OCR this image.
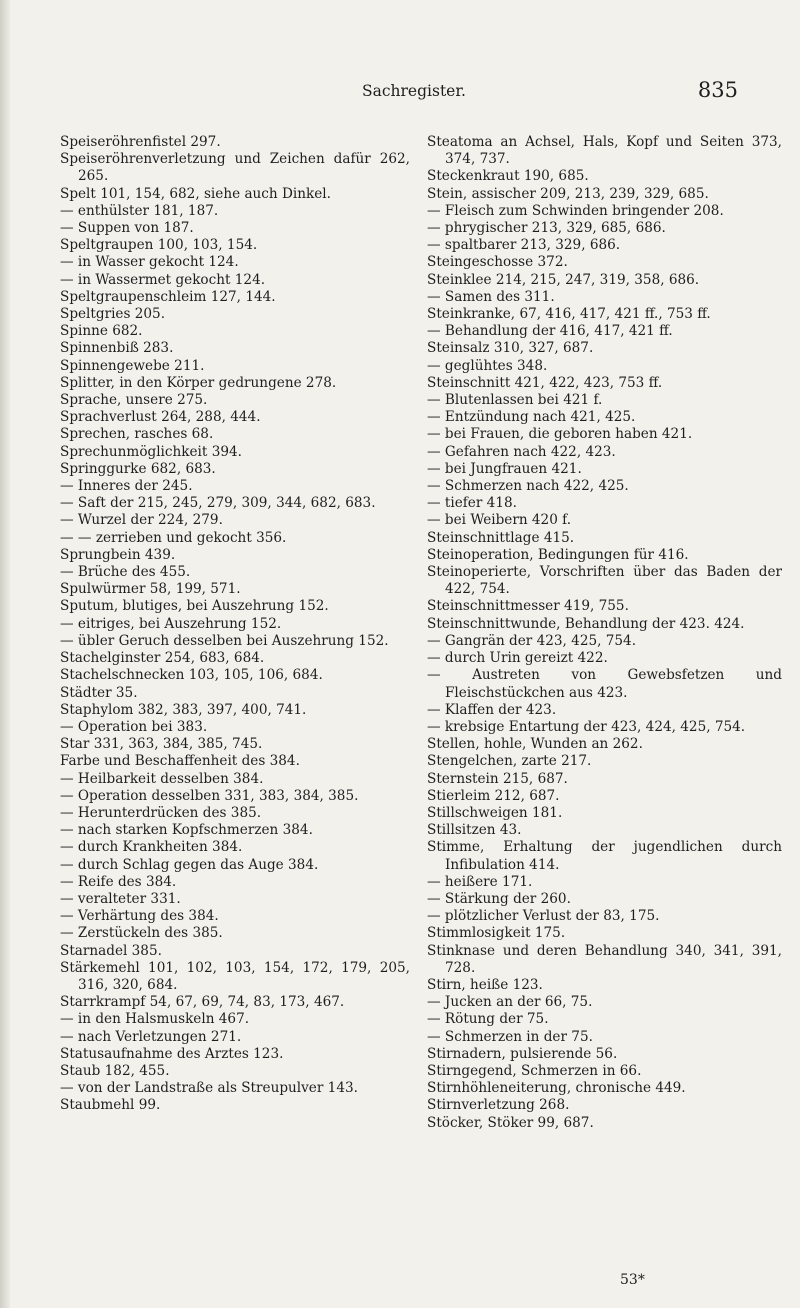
Sachregister.	835
Speiseröhrenfistel 297.
Speiseröhrenverletzung und Zeichen dafür 262, 265.
Spelt 101, 154, 682, siehe auch Dinkel.
— enthülster 181, 187.
— Suppen von 187.
Speltgraupen 100, 103, 154.
— in Wasser gekocht 124.
— in Wassermet gekocht 124.
Speltgraupenschleim 127, 144.
Speltgries 205.
Spinne 682.
Spinnenbiß 283.
Spinnengewebe 211.
Splitter, in den Körper gedrungene 278.
Sprache, unsere 275.
Sprachverlust 264, 288, 444.
Sprechen, rasches 68.
Sprechunmöglichkeit 394.
Springgurke 682, 683.
— Inneres der 245.
— Saft der 215, 245, 279, 309, 344, 682, 683.
— Wurzel der 224, 279.
— — zerrieben und gekocht 356.
Sprungbein 439.
— Brüche des 455.
Spulwürmer 58, 199, 571.
Sputum, blutiges, bei Auszehrung 152.
— eitriges, bei Auszehrung 152.
— übler Geruch desselben bei Auszehrung 152.
Stachelginster 254, 683, 684.
Stachelschnecken 103, 105, 106, 684.
Städter 35.
Staphylom 382, 383, 397, 400, 741.
— Operation bei 383.
Star 331, 363, 384, 385, 745.
Farbe und Beschaffenheit des 384.
— Heilbarkeit desselben 384.
— Operation desselben 331, 383, 384, 385.
— Herunterdrücken des 385.
— nach starken Kopfschmerzen 384.
— durch Krankheiten 384.
— durch Schlag gegen das Auge 384.
— Reife des 384.
— veralteter 331.
— Verhärtung des 384.
— Zerstückeln des 385.
Starnadel 385.
Stärkemehl 101, 102, 103, 154, 172, 179, 205, 316, 320, 684.
Starrkrampf 54, 67, 69, 74, 83, 173, 467.
— in den Halsmuskeln 467.
— nach Verletzungen 271.
Statusaufnahme des Arztes 123.
Staub 182, 455.
— von der Landstraße als Streupulver 143.
Staubmehl 99.
Steatoma an Achsel, Hals, Kopf und Seiten 373, 374, 737.
Steckenkraut 190, 685.
Stein, assischer 209, 213, 239, 329, 685.
— Fleisch zum Schwinden bringender 208.
— phrygischer 213, 329, 685, 686.
— spaltbarer 213, 329, 686.
Steingeschosse 372.
Steinklee 214, 215, 247, 319, 358, 686.
— Samen des 311.
Steinkranke, 67, 416, 417, 421 ff., 753 ff.
— Behandlung der 416, 417, 421 ff.
Steinsalz 310, 327, 687.
— geglühtes 348.
Steinschnitt 421, 422, 423, 753 ff.
— Blutenlassen bei 421 f.
— Entzündung nach 421, 425.
— bei Frauen, die geboren haben 421.
— Gefahren nach 422, 423.
— bei Jungfrauen 421.
— Schmerzen nach 422, 425.
— tiefer 418.
— bei Weibern 420 f.
Steinschnittlage 415.
Steinoperation, Bedingungen für 416.
Steinoperierte, Vorschriften über das Baden der 422, 754.
Steinschnittmesser 419, 755.
Steinschnittwunde, Behandlung der 423. 424.
— Gangrän der 423, 425, 754.
— durch Urin gereizt 422.
— Austreten von Gewebsfetzen und Fleischstückchen aus 423.
— Klaffen der 423.
— krebsige Entartung der 423, 424, 425, 754.
Stellen, hohle, Wunden an 262.
Stengelchen, zarte 217.
Sternstein 215, 687.
Stierleim 212, 687.
Stillschweigen 181.
Stillsitzen 43.
Stimme, Erhaltung der jugendlichen durch Infibulation 414.
— heißere 171.
— Stärkung der 260.
— plötzlicher Verlust der 83, 175.
Stimmlosigkeit 175.
Stinknase und deren Behandlung 340, 341, 391, 728.
Stirn, heiße 123.
— Jucken an der 66, 75.
— Rötung der 75.
— Schmerzen in der 75.
Stirnadern, pulsierende 56.
Stirngegend, Schmerzen in 66.
Stirnhöhleneiterung, chronische 449.
Stirnverletzung 268.
Stöcker, Stöker 99, 687.
53*
